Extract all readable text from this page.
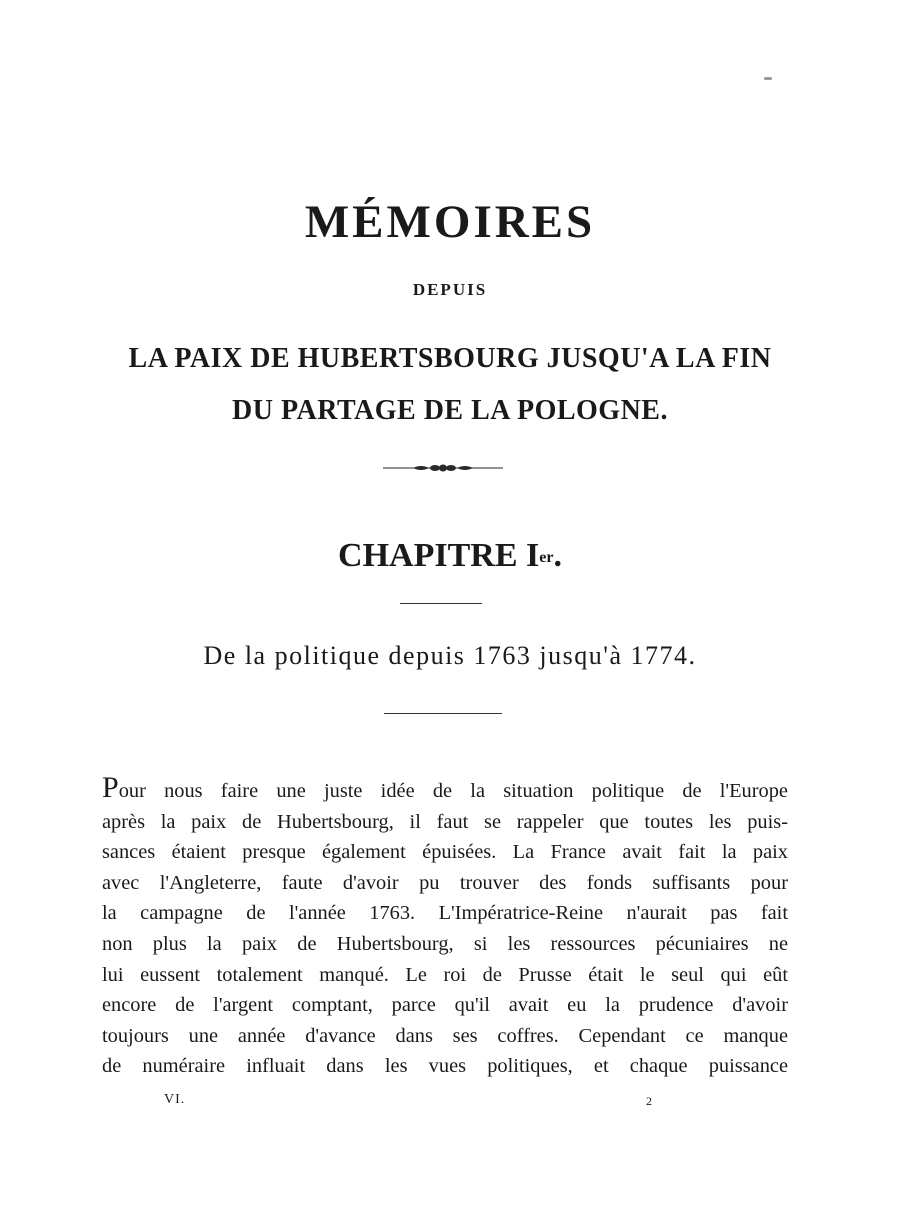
MÉMOIRES
DEPUIS
LA PAIX DE HUBERTSBOURG JUSQU'A LA FIN
DU PARTAGE DE LA POLOGNE.
CHAPITRE Ier.
De la politique depuis 1763 jusqu'à 1774.
Pour nous faire une juste idée de la situation politique de l'Europe
après la paix de Hubertsbourg, il faut se rappeler que toutes les puis-
sances étaient presque également épuisées. La France avait fait la paix
avec l'Angleterre, faute d'avoir pu trouver des fonds suffisants pour
la campagne de l'année 1763. L'Impératrice-Reine n'aurait pas fait
non plus la paix de Hubertsbourg, si les ressources pécuniaires ne
lui eussent totalement manqué. Le roi de Prusse était le seul qui eût
encore de l'argent comptant, parce qu'il avait eu la prudence d'avoir
toujours une année d'avance dans ses coffres. Cependant ce manque
de numéraire influait dans les vues politiques, et chaque puissance
VI.	2
